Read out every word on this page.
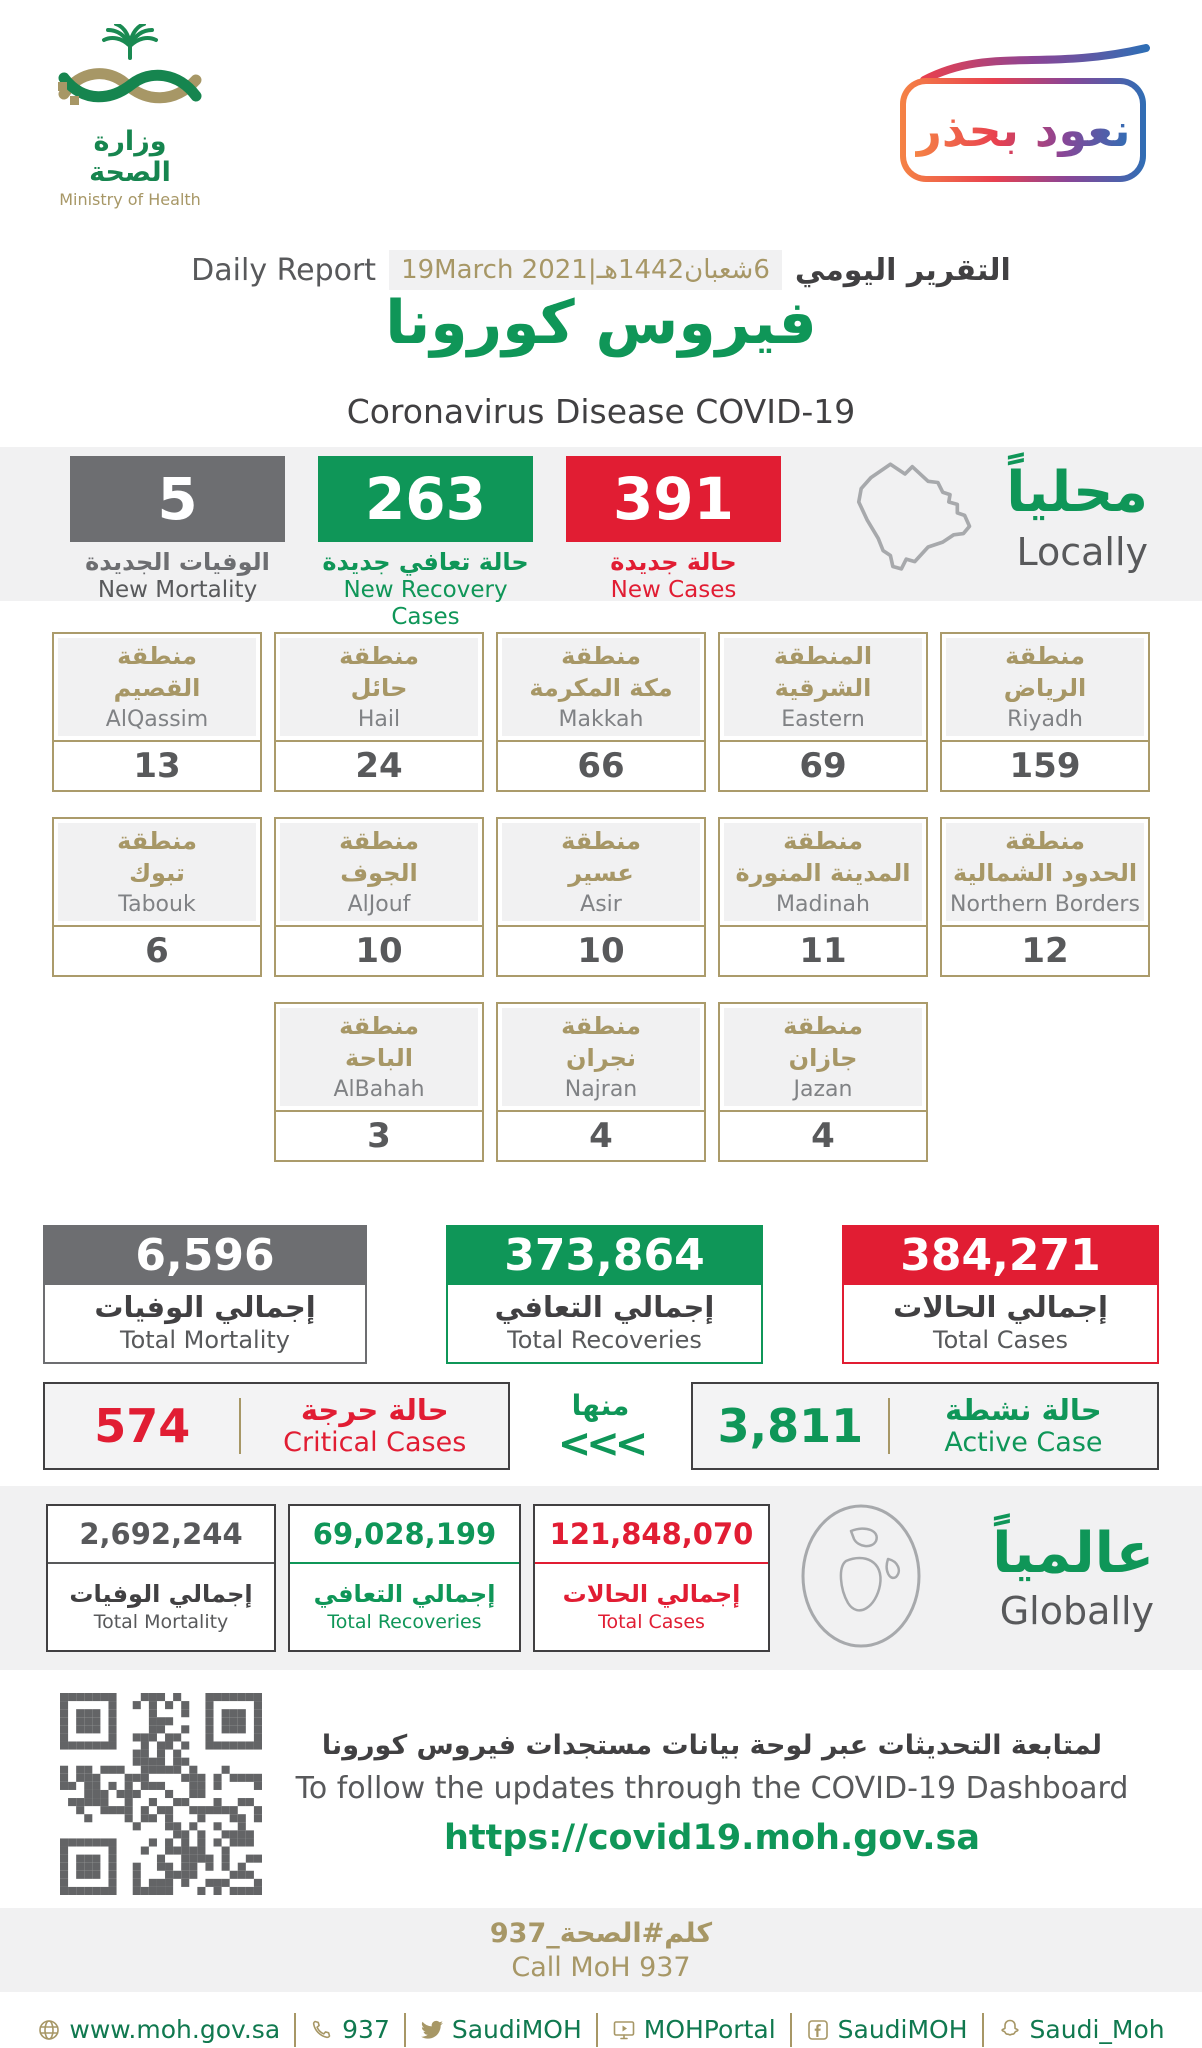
وزارة الصحة
Ministry of Health
نعود بحذر
Daily Report 6شعبان1442هـ|19March 2021 التقرير اليومي
فيروس كورونا
Coronavirus Disease COVID-19
5
الوفيات الجديدة
New Mortality
263
حالة تعافي جديدة
New Recovery Cases
391
حالة جديدة
New Cases
محلياً
Locally
منطقة
القصيم
AlQassim
13
منطقة
حائل
Hail
24
منطقة
مكة المكرمة
Makkah
66
المنطقة
الشرقية
Eastern
69
منطقة
الرياض
Riyadh
159
منطقة
تبوك
Tabouk
6
منطقة
الجوف
AlJouf
10
منطقة
عسير
Asir
10
منطقة
المدينة المنورة
Madinah
11
منطقة
الحدود الشمالية
Northern Borders
12
منطقة
الباحة
AlBahah
3
منطقة
نجران
Najran
4
منطقة
جازان
Jazan
4
6,596
إجمالي الوفيات
Total Mortality
373,864
إجمالي التعافي
Total Recoveries
384,271
إجمالي الحالات
Total Cases
574	حالة حرجة
Critical Cases
منها
<<<	3,811	حالة نشطة
Active Case
2,692,244
إجمالي الوفيات
Total Mortality
69,028,199
إجمالي التعافي
Total Recoveries
121,848,070
إجمالي الحالات
Total Cases
عالمياً
Globally
لمتابعة التحديثات عبر لوحة بيانات مستجدات فيروس كورونا
To follow the updates through the COVID-19 Dashboard
https://covid19.moh.gov.sa
كلم#الصحة_937
Call MoH 937
www.moh.gov.sa 937 SaudiMOH MOHPortal SaudiMOH Saudi_Moh
